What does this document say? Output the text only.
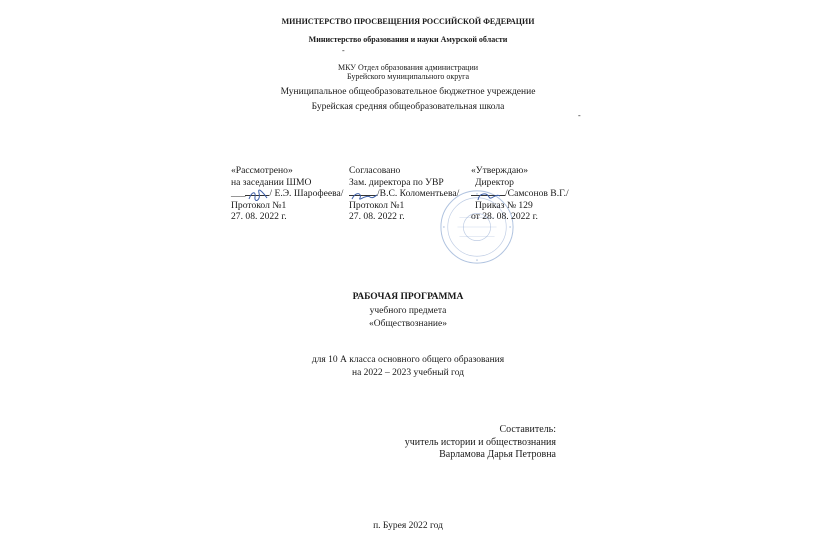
МИНИСТЕРСТВО ПРОСВЕЩЕНИЯ РОССИЙСКОЙ ФЕДЕРАЦИИ
Министерство образования и науки Амурской области
-
МКУ Отдел образования администрации
Бурейского муниципального округа
Муниципальное общеобразовательное бюджетное учреждение
Бурейская средняя общеобразовательная школа
-
«Рассмотрено»
на заседании ШМО
___	/ Е.Э. Шарофеева/
Протокол №1
27. 08. 2022 г.
Согласовано
Зам. директора по УВР
/В.С. Коломентьева/
Протокол №1
27. 08. 2022 г.
«Утверждаю»
Директор
/Самсонов В.Г./
Приказ № 129
от 28. 08. 2022 г.
РАБОЧАЯ ПРОГРАММА
учебного предмета
«Обществознание»
для 10 А класса основного общего образования
на 2022 – 2023 учебный год
Составитель:
учитель истории и обществознания
Варламова Дарья Петровна
п. Бурея 2022 год
